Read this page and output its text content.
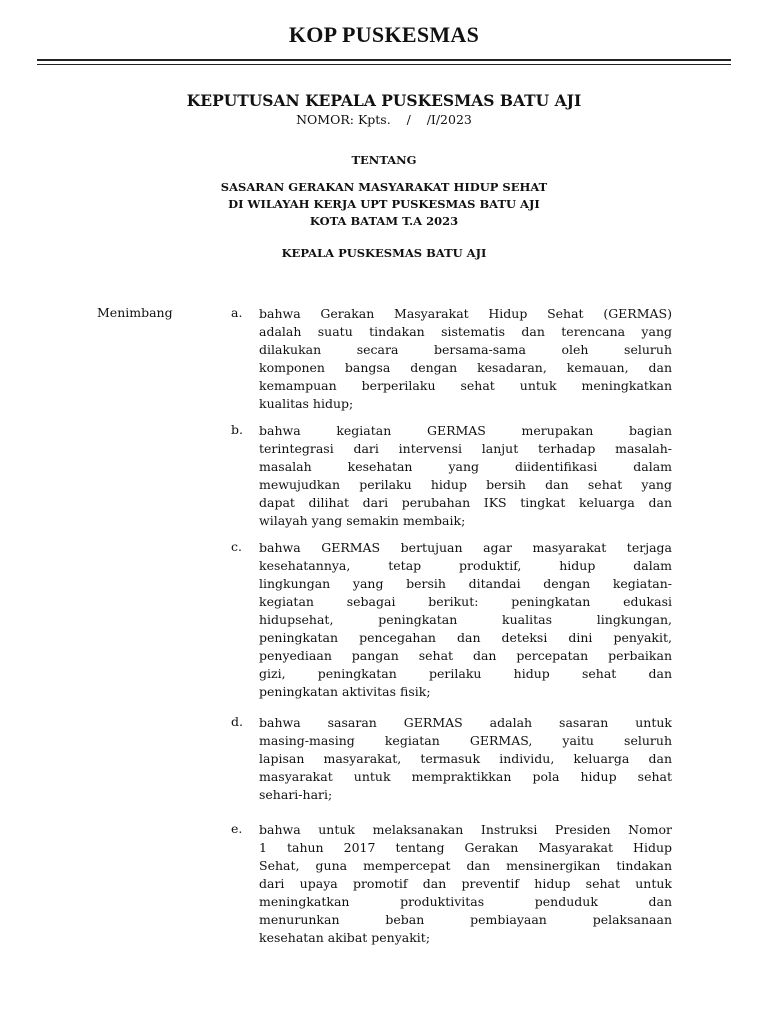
KOP PUSKESMAS
KEPUTUSAN KEPALA PUSKESMAS BATU AJI
NOMOR: Kpts.    /    /I/2023
TENTANG
SASARAN GERAKAN MASYARAKAT HIDUP SEHAT
DI WILAYAH KERJA UPT PUSKESMAS BATU AJI
KOTA BATAM T.A 2023
KEPALA PUSKESMAS BATU AJI
Menimbang	a. bahwa Gerakan Masyarakat Hidup Sehat (GERMAS)
adalah suatu tindakan sistematis dan terencana yang
dilakukan secara bersama-sama oleh seluruh
komponen bangsa dengan kesadaran, kemauan, dan
kemampuan berperilaku sehat untuk meningkatkan
kualitas hidup;
b. bahwa kegiatan GERMAS merupakan bagian
terintegrasi dari intervensi lanjut terhadap masalah-
masalah kesehatan yang diidentifikasi dalam
mewujudkan perilaku hidup bersih dan sehat yang
dapat dilihat dari perubahan IKS tingkat keluarga dan
wilayah yang semakin membaik;
c. bahwa GERMAS bertujuan agar masyarakat terjaga
kesehatannya, tetap produktif, hidup dalam
lingkungan yang bersih ditandai dengan kegiatan-
kegiatan sebagai berikut: peningkatan edukasi
hidupsehat, peningkatan kualitas lingkungan,
peningkatan pencegahan dan deteksi dini penyakit,
penyediaan pangan sehat dan percepatan perbaikan
gizi, peningkatan perilaku hidup sehat dan
peningkatan aktivitas fisik;
d. bahwa sasaran GERMAS adalah sasaran untuk
masing-masing kegiatan GERMAS, yaitu seluruh
lapisan masyarakat, termasuk individu, keluarga dan
masyarakat untuk mempraktikkan pola hidup sehat
sehari-hari;
e. bahwa untuk melaksanakan Instruksi Presiden Nomor
1 tahun 2017 tentang Gerakan Masyarakat Hidup
Sehat, guna mempercepat dan mensinergikan tindakan
dari upaya promotif dan preventif hidup sehat untuk
meningkatkan produktivitas penduduk dan
menurunkan beban pembiayaan pelaksanaan
kesehatan akibat penyakit;
